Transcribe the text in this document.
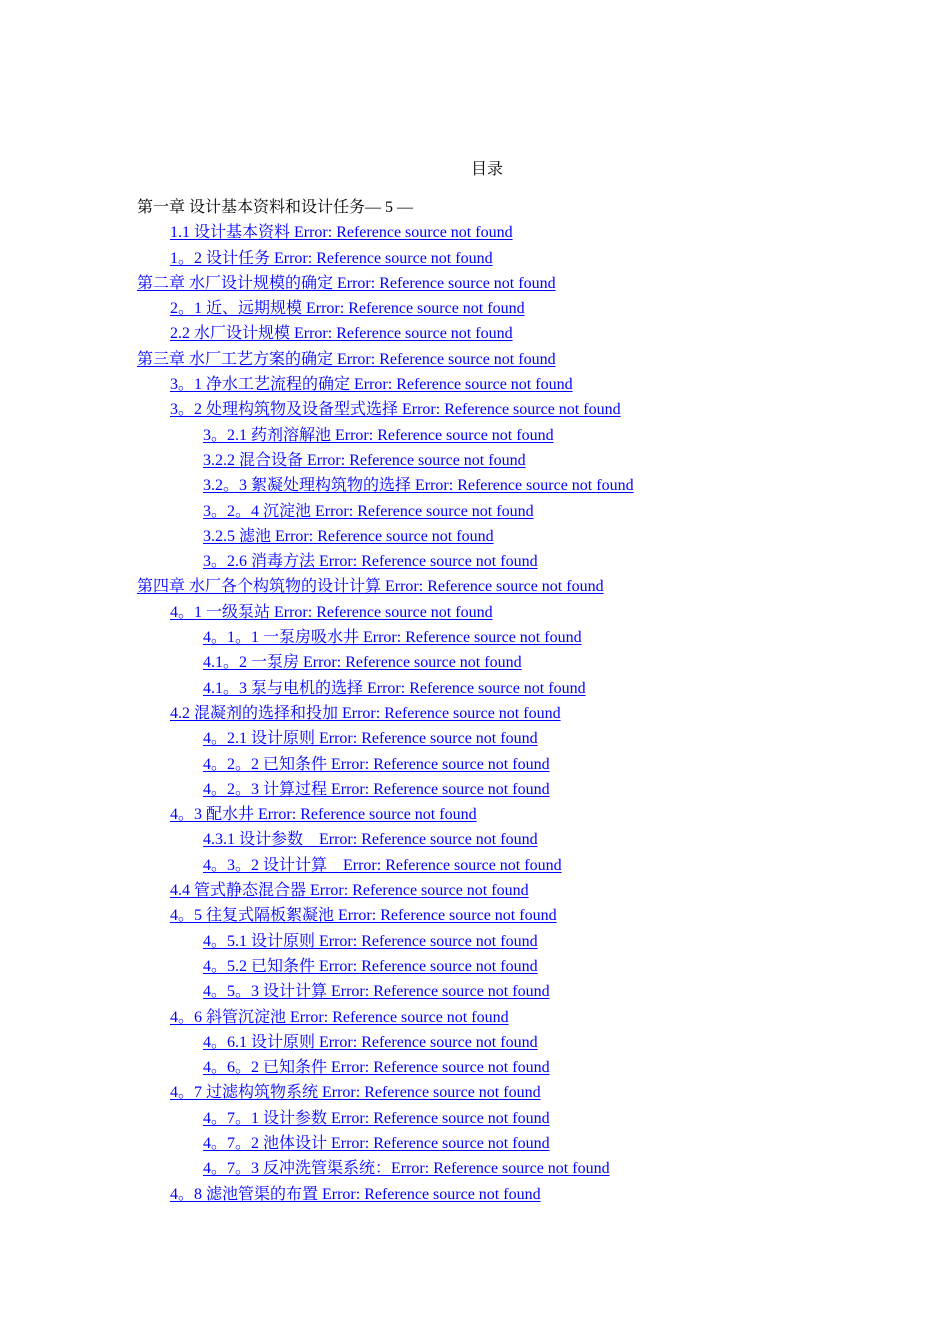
目录
第一章 设计基本资料和设计任务— 5 —
1.1 设计基本资料 Error: Reference source not found
1。2 设计任务 Error: Reference source not found
第二章 水厂设计规模的确定 Error: Reference source not found
2。1 近、远期规模 Error: Reference source not found
2.2 水厂设计规模 Error: Reference source not found
第三章 水厂工艺方案的确定 Error: Reference source not found
3。1 净水工艺流程的确定 Error: Reference source not found
3。2 处理构筑物及设备型式选择 Error: Reference source not found
3。2.1 药剂溶解池 Error: Reference source not found
3.2.2 混合设备 Error: Reference source not found
3.2。3 絮凝处理构筑物的选择 Error: Reference source not found
3。2。4 沉淀池 Error: Reference source not found
3.2.5 滤池 Error: Reference source not found
3。2.6 消毒方法 Error: Reference source not found
第四章 水厂各个构筑物的设计计算 Error: Reference source not found
4。1 一级泵站 Error: Reference source not found
4。1。1 一泵房吸水井 Error: Reference source not found
4.1。2 一泵房 Error: Reference source not found
4.1。3 泵与电机的选择 Error: Reference source not found
4.2 混凝剂的选择和投加 Error: Reference source not found
4。2.1 设计原则 Error: Reference source not found
4。2。2 已知条件 Error: Reference source not found
4。2。3 计算过程 Error: Reference source not found
4。3 配水井 Error: Reference source not found
4.3.1 设计参数　Error: Reference source not found
4。3。2 设计计算　Error: Reference source not found
4.4 管式静态混合器 Error: Reference source not found
4。5 往复式隔板絮凝池 Error: Reference source not found
4。5.1 设计原则 Error: Reference source not found
4。5.2 已知条件 Error: Reference source not found
4。5。3 设计计算 Error: Reference source not found
4。6 斜管沉淀池 Error: Reference source not found
4。6.1 设计原则 Error: Reference source not found
4。6。2 已知条件 Error: Reference source not found
4。7 过滤构筑物系统 Error: Reference source not found
4。7。1 设计参数 Error: Reference source not found
4。7。2 池体设计 Error: Reference source not found
4。7。3 反冲洗管渠系统：Error: Reference source not found
4。8 滤池管渠的布置 Error: Reference source not found
